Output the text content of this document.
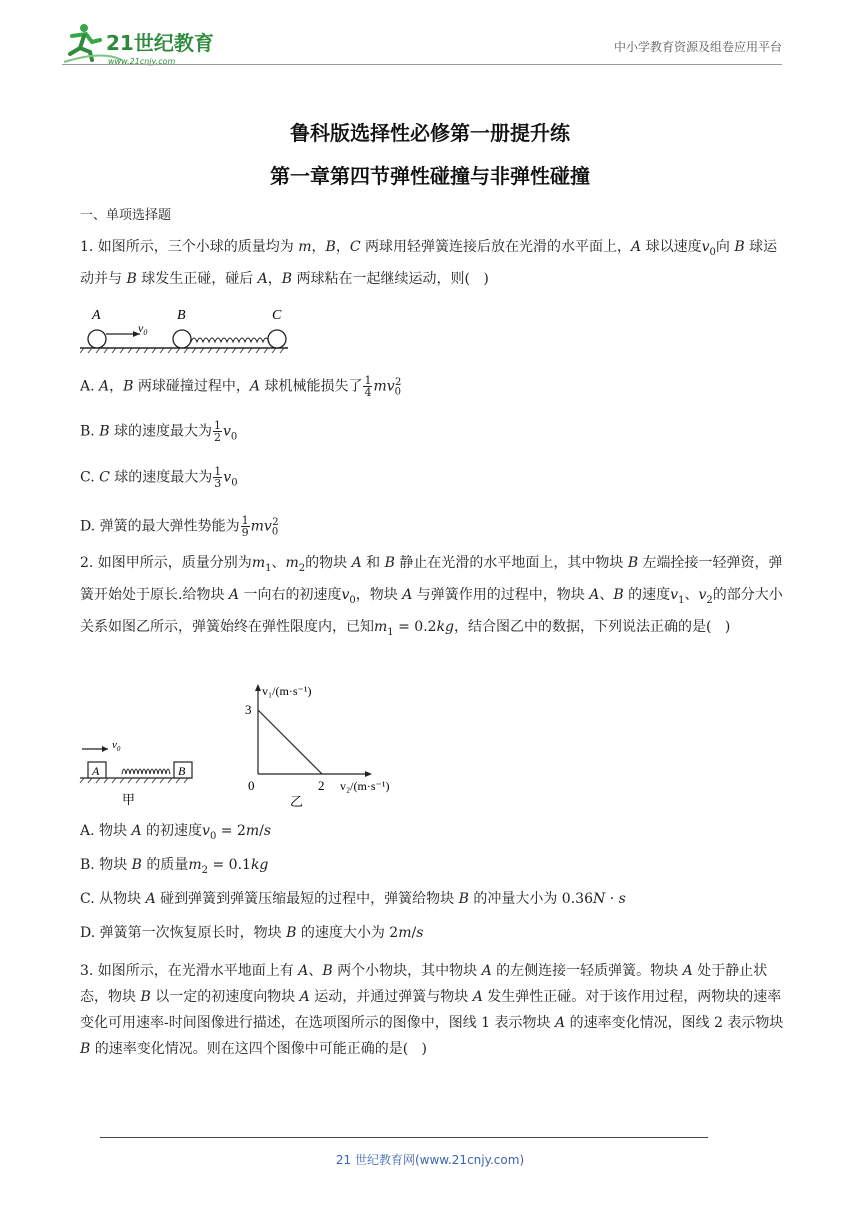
21世纪教育
www.21cnjy.com
中小学教育资源及组卷应用平台
鲁科版选择性必修第一册提升练
第一章第四节弹性碰撞与非弹性碰撞
一、单项选择题
1. 如图所示，三个小球的质量均为 m，B，C 两球用轻弹簧连接后放在光滑的水平面上，A 球以速度$v_0$向 B 球运动并与 B 球发生正碰，碰后 A，B 两球粘在一起继续运动，则(   )
A	B	C
$v_0$
A. A，B 两球碰撞过程中，A 球机械能损失了 $\frac{1}{4} mv_0^2$
B. B 球的速度最大为 $\frac{1}{2} v_0$
C. C 球的速度最大为 $\frac{1}{3} v_0$
D. 弹簧的最大弹性势能为 $\frac{1}{9} mv_0^2$
2. 如图甲所示，质量分别为$m_1$、$m_2$的物块 A 和 B 静止在光滑的水平地面上，其中物块 B 左端拴接一轻弹资，弹簧开始处于原长.给物块 A 一向右的初速度$v_0$，物块 A 与弹簧作用的过程中，物块 A、B 的速度$v_1$、$v_2$的部分大小关系如图乙所示，弹簧始终在弹性限度内，已知$m_1 = 0.2kg$，结合图乙中的数据，下列说法正确的是(   )
A	B
$v_0$
甲
v₁/(m·s⁻¹)
v₂/(m·s⁻¹)
3
2
0
乙
A. 物块 A 的初速度$v_0 = 2m/s$
B. 物块 B 的质量$m_2 = 0.1kg$
C. 从物块 A 碰到弹簧到弹簧压缩最短的过程中，弹簧给物块 B 的冲量大小为 0.36N · s
D. 弹簧第一次恢复原长时，物块 B 的速度大小为 2m/s
3. 如图所示，在光滑水平地面上有 A、B 两个小物块，其中物块 A 的左侧连接一轻质弹簧。物块 A 处于静止状态，物块 B 以一定的初速度向物块 A 运动，并通过弹簧与物块 A 发生弹性正碰。对于该作用过程，两物块的速率变化可用速率-时间图像进行描述，在选项图所示的图像中，图线 1 表示物块 A 的速率变化情况，图线 2 表示物块 B 的速率变化情况。则在这四个图像中可能正确的是(   )
21 世纪教育网(www.21cnjy.com)
